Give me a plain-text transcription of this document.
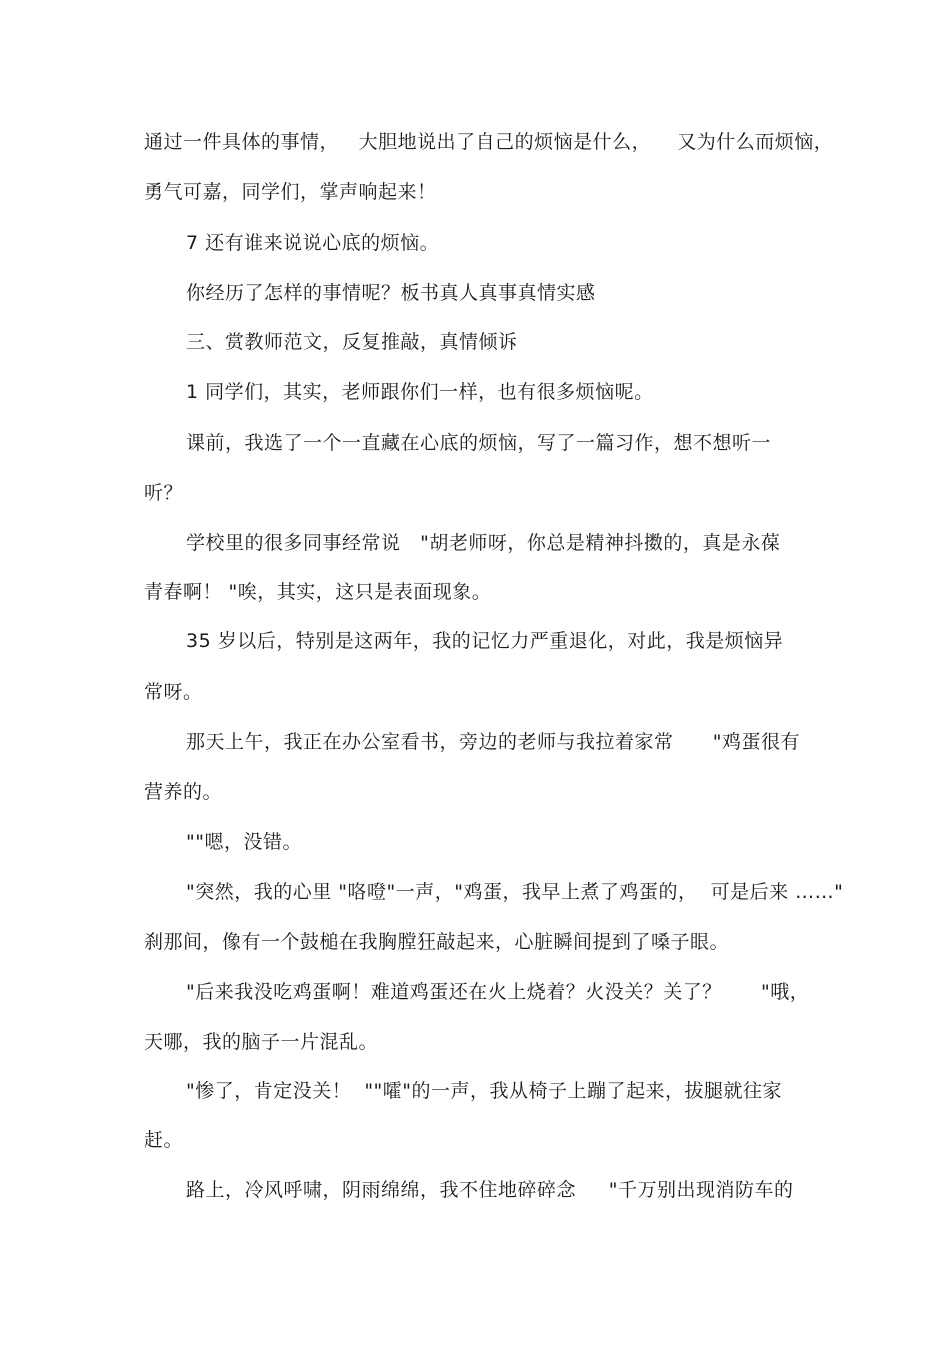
通过一件具体的事情，   大胆地说出了自己的烦恼是什么，    又为什么而烦恼，
勇气可嘉，同学们，掌声响起来！
7 还有谁来说说心底的烦恼。
你经历了怎样的事情呢？板书真人真事真情实感
三、赏教师范文，反复推敲，真情倾诉
1 同学们，其实，老师跟你们一样，也有很多烦恼呢。
课前，我选了一个一直藏在心底的烦恼，写了一篇习作，想不想听一
听？
学校里的很多同事经常说   "胡老师呀，你总是精神抖擞的，真是永葆
青春啊！ "唉，其实，这只是表面现象。
35 岁以后，特别是这两年，我的记忆力严重退化，对此，我是烦恼异
常呀。
那天上午，我正在办公室看书，旁边的老师与我拉着家常      "鸡蛋很有
营养的。
""嗯，没错。
"突然，我的心里 "咯噔"一声，"鸡蛋，我早上煮了鸡蛋的，  可是后来 ……"
刹那间，像有一个鼓槌在我胸膛狂敲起来，心脏瞬间提到了嗓子眼。
"后来我没吃鸡蛋啊！难道鸡蛋还在火上烧着？火没关？关了？      "哦，
天哪，我的脑子一片混乱。
"惨了，肯定没关！  ""嚯"的一声，我从椅子上蹦了起来，拔腿就往家
赶。
路上，冷风呼啸，阴雨绵绵，我不住地碎碎念     "千万别出现消防车的
